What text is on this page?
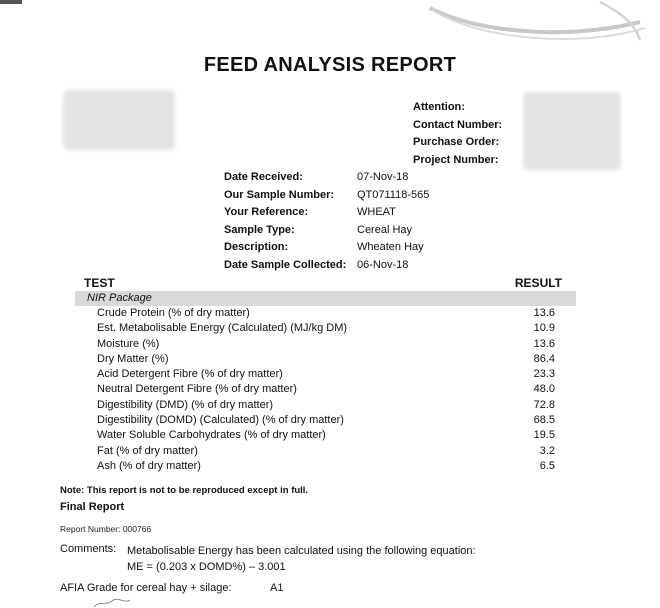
FEED ANALYSIS REPORT
Attention:
Contact Number:
Purchase Order:
Project Number:
Date Received:	07-Nov-18
Our Sample Number: QT071118-565
Your Reference:	WHEAT
Sample Type:	Cereal Hay
Description:	Wheaten Hay
Date Sample Collected: 06-Nov-18
TEST	RESULT
NIR Package
Crude Protein (% of dry matter)	13.6
Est. Metabolisable Energy (Calculated) (MJ/kg DM)	10.9
Moisture (%)	13.6
Dry Matter (%)	86.4
Acid Detergent Fibre (% of dry matter)	23.3
Neutral Detergent Fibre (% of dry matter)	48.0
Digestibility (DMD) (% of dry matter)	72.8
Digestibility (DOMD) (Calculated) (% of dry matter)	68.5
Water Soluble Carbohydrates (% of dry matter)	19.5
Fat (% of dry matter)	3.2
Ash (% of dry matter)	6.5
Note: This report is not to be reproduced except in full.
Final Report
Report Number: 000766
Comments: Metabolisable Energy has been calculated using the following equation:
ME = (0.203 x DOMD%) – 3.001
AFIA Grade for cereal hay + silage:	A1
